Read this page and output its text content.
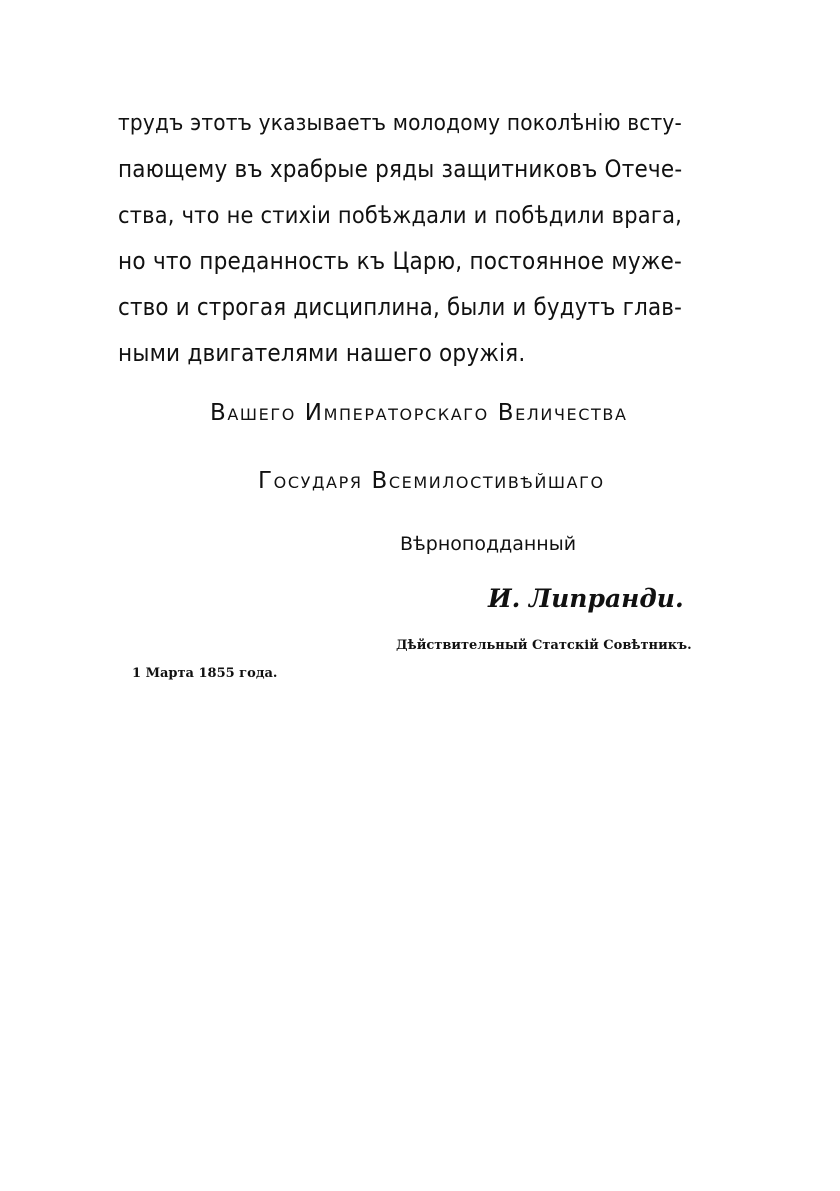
трудъ этотъ указываетъ молодому поколѣнію всту-
пающему въ храбрые ряды защитниковъ Отече-
ства, что не стихіи побѣждали и побѣдили врага,
но что преданность къ Царю, постоянное муже-
ство и строгая дисциплина, были и будутъ глав-
ными двигателями нашего оружія.
Вашего Императорскаго Величества
Государя Всемилостивѣйшаго
Вѣрноподданный
И. Липранди.
Дѣйствительный Статскій Совѣтникъ.
1 Марта 1855 года.
